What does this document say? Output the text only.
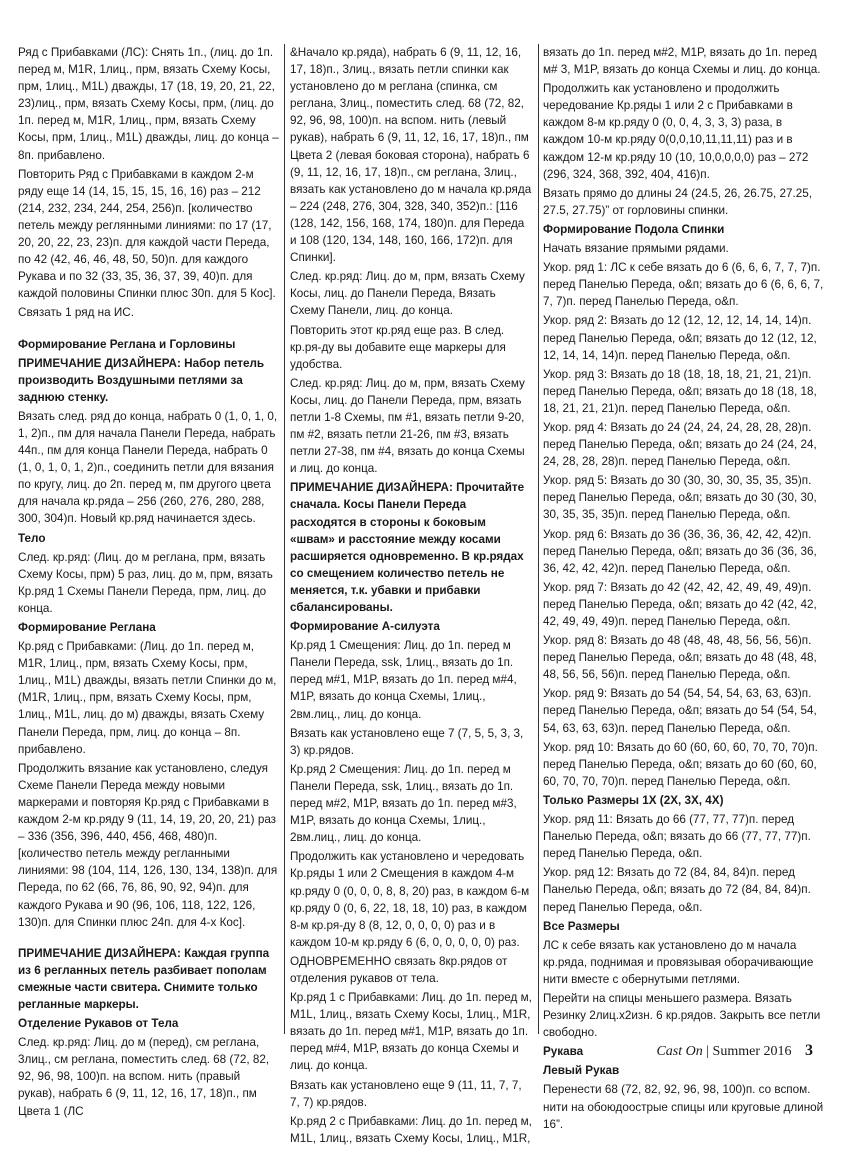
Ряд с Прибавками (ЛС): Снять 1п., (лиц. до 1п. перед м, M1R, 1лиц., прм, вязать Схему Косы, прм, 1лиц., M1L) дважды, 17 (18, 19, 20, 21, 22, 23)лиц., прм, вязать Схему Косы, прм, (лиц. до 1п. перед м, M1R, 1лиц., прм, вязать Схему Косы, прм, 1лиц., M1L) дважды, лиц. до конца – 8п. прибавлено.

Повторить Ряд с Прибавками в каждом 2-м ряду еще 14 (14, 15, 15, 15, 16, 16) раз – 212 (214, 232, 234, 244, 254, 256)п. [количество петель между реглянными линиями: по 17 (17, 20, 20, 22, 23, 23)п. для каждой части Переда, по 42 (42, 46, 46, 48, 50, 50)п. для каждого Рукава и по 32 (33, 35, 36, 37, 39, 40)п. для каждой половины Спинки плюс 30п. для 5 Кос].

Связать 1 ряд на ИС.

Формирование Реглана и Горловины

ПРИМЕЧАНИЕ ДИЗАЙНЕРА: Набор петель производить Воздушными петлями за заднюю стенку.

Вязать след. ряд до конца, набрать 0 (1, 0, 1, 0, 1, 2)п., пм для начала Панели Переда, набрать 44п., пм для конца Панели Переда, набрать 0 (1, 0, 1, 0, 1, 2)п., соединить петли для вязания по кругу, лиц. до 2п. перед м, пм другого цвета для начала кр.ряда – 256 (260, 276, 280, 288, 300, 304)п. Новый кр.ряд начинается здесь.

Тело

След. кр.ряд: (Лиц. до м реглана, прм, вязать Схему Косы, прм) 5 раз, лиц. до м, прм, вязать Кр.ряд 1 Схемы Панели Переда, прм, лиц. до конца.

Формирование Реглана

Кр.ряд с Прибавками: (Лиц. до 1п. перед м, M1R, 1лиц., прм, вязать Схему Косы, прм, 1лиц., M1L) дважды, вязать петли Спинки до м, (M1R, 1лиц., прм, вязать Схему Косы, прм, 1лиц., M1L, лиц. до м) дважды, вязать Схему Панели Переда, прм, лиц. до конца – 8п. прибавлено.

Продолжить вязание как установлено, следуя Схеме Панели Переда между новыми маркерами и повторяя Кр.ряд с Прибавками в каждом 2-м кр.ряду 9 (11, 14, 19, 20, 20, 21) раз – 336 (356, 396, 440, 456, 468, 480)п. [количество петель между регланными линиями: 98 (104, 114, 126, 130, 134, 138)п. для Переда, по 62 (66, 76, 86, 90, 92, 94)п. для каждого Рукава и 90 (96, 106, 118, 122, 126, 130)п. для Спинки плюс 24п. для 4-х Кос].

ПРИМЕЧАНИЕ ДИЗАЙНЕРА: Каждая группа из 6 регланных петель разбивает пополам смежные части свитера. Снимите только регланные маркеры.

Отделение Рукавов от Тела

След. кр.ряд: Лиц. до м (перед), см реглана, 3лиц., см реглана, поместить след. 68 (72, 82, 92, 96, 98, 100)п. на вспом. нить (правый рукав), набрать 6 (9, 11, 12, 16, 17, 18)п., пм Цвета 1 (ЛС

&Начало кр.ряда), набрать 6 (9, 11, 12, 16, 17, 18)п., 3лиц., вязать петли спинки как установлено до м реглана (спинка, см реглана, 3лиц., поместить след. 68 (72, 82, 92, 96, 98, 100)п. на вспом. нить (левый рукав), набрать 6 (9, 11, 12, 16, 17, 18)п., пм Цвета 2 (левая боковая сторона), набрать 6 (9, 11, 12, 16, 17, 18)п., см реглана, 3лиц., вязать как установлено до м начала кр.ряда – 224 (248, 276, 304, 328, 340, 352)п.: [116 (128, 142, 156, 168, 174, 180)п. для Переда и 108 (120, 134, 148, 160, 166, 172)п. для Спинки].

След. кр.ряд: Лиц. до м, прм, вязать Схему Косы, лиц. до Панели Переда, Вязать Схему Панели, лиц. до конца.

Повторить этот кр.ряд еще раз. В след. кр.ря-ду вы добавите еще маркеры для удобства.

След. кр.ряд: Лиц. до м, прм, вязать Схему Косы, лиц. до Панели Переда, прм, вязать петли 1-8 Схемы, пм #1, вязать петли 9-20, пм #2, вязать петли 21-26, пм #3, вязать петли 27-38, пм #4, вязать до конца Схемы и лиц. до конца.

ПРИМЕЧАНИЕ ДИЗАЙНЕРА: Прочитайте сначала. Косы Панели Переда расходятся в стороны к боковым «швам» и расстояние между косами расширяется одновременно. В кр.рядах со смещением количество петель не меняется, т.к. убавки и прибавки сбалансированы.

Формирование А-силуэта

Кр.ряд 1 Смещения: Лиц. до 1п. перед м Панели Переда, ssk, 1лиц., вязать до 1п. перед м#1, M1P, вязать до 1п. перед м#4, M1P, вязать до конца Схемы, 1лиц., 2вм.лиц., лиц. до конца.

Вязать как установлено еще 7 (7, 5, 5, 3, 3, 3) кр.рядов.

Кр.ряд 2 Смещения: Лиц. до 1п. перед м Панели Переда, ssk, 1лиц., вязать до 1п. перед м#2, M1P, вязать до 1п. перед м#3, M1P, вязать до конца Схемы, 1лиц., 2вм.лиц., лиц. до конца.

Продолжить как установлено и чередовать Кр.ряды 1 или 2 Смещения в каждом 4-м кр.ряду 0 (0, 0, 0, 8, 8, 20) раз, в каждом 6-м кр.ряду 0 (0, 6, 22, 18, 18, 10) раз, в каждом 8-м кр.ря-ду 8 (8, 12, 0, 0, 0, 0) раз и в каждом 10-м кр.ряду 6 (6, 0, 0, 0, 0, 0) раз.

ОДНОВРЕМЕННО связать 8кр.рядов от отделения рукавов от тела.

Кр.ряд 1 с Прибавками: Лиц. до 1п. перед м, M1L, 1лиц., вязать Схему Косы, 1лиц., M1R, вязать до 1п. перед м#1, M1P, вязать до 1п. перед м#4, M1P, вязать до конца Схемы и лиц. до конца.

Вязать как установлено еще 9 (11, 11, 7, 7, 7, 7) кр.рядов.

Кр.ряд 2 с Прибавками: Лиц. до 1п. перед м, M1L, 1лиц., вязать Схему Косы, 1лиц., M1R,

вязать до 1п. перед м#2, M1P, вязать до 1п. перед м# 3, M1P, вязать до конца Схемы и лиц. до конца.

Продолжить как установлено и продолжить чередование Кр.ряды 1 или 2 с Прибавками в каждом 8-м кр.ряду 0 (0, 0, 4, 3, 3, 3) раза, в каждом 10-м кр.ряду 0(0,0,10,11,11,11) раз и в каждом 12-м кр.ряду 10 (10, 10,0,0,0,0) раз – 272 (296, 324, 368, 392, 404, 416)п.

Вязать прямо до длины 24 (24.5, 26, 26.75, 27.25, 27.5, 27.75)” от горловины спинки.

Формирование Подола Спинки

Начать вязание прямыми рядами.

Укор. ряд 1: ЛС к себе вязать до 6 (6, 6, 6, 7, 7, 7)п. перед Панелью Переда, о&п; вязать до 6 (6, 6, 6, 7, 7, 7)п. перед Панелью Переда, о&п.

Укор. ряд 2: Вязать до 12 (12, 12, 12, 14, 14, 14)п. перед Панелью Переда, о&п; вязать до 12 (12, 12, 12, 14, 14, 14)п. перед Панелью Переда, о&п.

Укор. ряд 3: Вязать до 18 (18, 18, 18, 21, 21, 21)п. перед Панелью Переда, о&п; вязать до 18 (18, 18, 18, 21, 21, 21)п. перед Панелью Переда, о&п.

Укор. ряд 4: Вязать до 24 (24, 24, 24, 28, 28, 28)п. перед Панелью Переда, о&п; вязать до 24 (24, 24, 24, 28, 28, 28)п. перед Панелью Переда, о&п.

Укор. ряд 5: Вязать до 30 (30, 30, 30, 35, 35, 35)п. перед Панелью Переда, о&п; вязать до 30 (30, 30, 30, 35, 35, 35)п. перед Панелью Переда, о&п.

Укор. ряд 6: Вязать до 36 (36, 36, 36, 42, 42, 42)п. перед Панелью Переда, о&п; вязать до 36 (36, 36, 36, 42, 42, 42)п. перед Панелью Переда, о&п.

Укор. ряд 7: Вязать до 42 (42, 42, 42, 49, 49, 49)п. перед Панелью Переда, о&п; вязать до 42 (42, 42, 42, 49, 49, 49)п. перед Панелью Переда, о&п.

Укор. ряд 8: Вязать до 48 (48, 48, 48, 56, 56, 56)п. перед Панелью Переда, о&п; вязать до 48 (48, 48, 48, 56, 56, 56)п. перед Панелью Переда, о&п.

Укор. ряд 9: Вязать до 54 (54, 54, 54, 63, 63, 63)п. перед Панелью Переда, о&п; вязать до 54 (54, 54, 54, 63, 63, 63)п. перед Панелью Переда, о&п.

Укор. ряд 10: Вязать до 60 (60, 60, 60, 70, 70, 70)п. перед Панелью Переда, о&п; вязать до 60 (60, 60, 60, 70, 70, 70)п. перед Панелью Переда, о&п.

Только Размеры 1X (2X, 3X, 4X)

Укор. ряд 11: Вязать до 66 (77, 77, 77)п. перед Панелью Переда, о&п; вязать до 66 (77, 77, 77)п. перед Панелью Переда, о&п.

Укор. ряд 12: Вязать до 72 (84, 84, 84)п. перед Панелью Переда, о&п; вязать до 72 (84, 84, 84)п. перед Панелью Переда, о&п.

Все Размеры

ЛС к себе вязать как установлено до м начала кр.ряда, поднимая и провязывая оборачивающие нити вместе с обернутыми петлями.

Перейти на спицы меньшего размера. Вязать Резинку 2лиц.х2изн. 6 кр.рядов. Закрыть все петли свободно.

Рукава

Левый Рукав

Перенести 68 (72, 82, 92, 96, 98, 100)п. со вспом. нити на обоюдоострые спицы или круговые длиной 16”.

Cast On | Summer 2016 3
